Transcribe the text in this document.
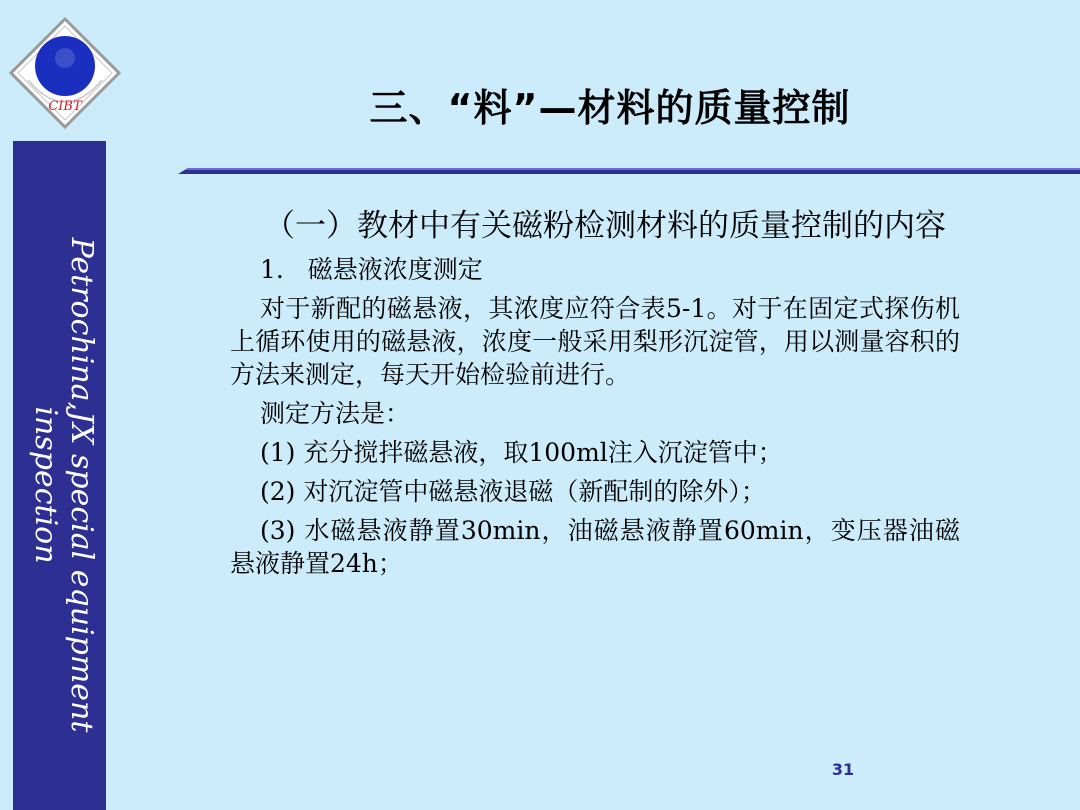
CIBT
Petrochina,JX special equipment inspection
三、“料”—材料的质量控制

（一）教材中有关磁粉检测材料的质量控制的内容

1.   磁悬液浓度测定

对于新配的磁悬液，其浓度应符合表5-1。对于在固定式探伤机上循环使用的磁悬液，浓度一般采用梨形沉淀管，用以测量容积的方法来测定，每天开始检验前进行。

测定方法是：

(1) 充分搅拌磁悬液，取100ml注入沉淀管中；

(2) 对沉淀管中磁悬液退磁（新配制的除外）；

(3) 水磁悬液静置30min，油磁悬液静置60min，变压器油磁悬液静置24h；

31
